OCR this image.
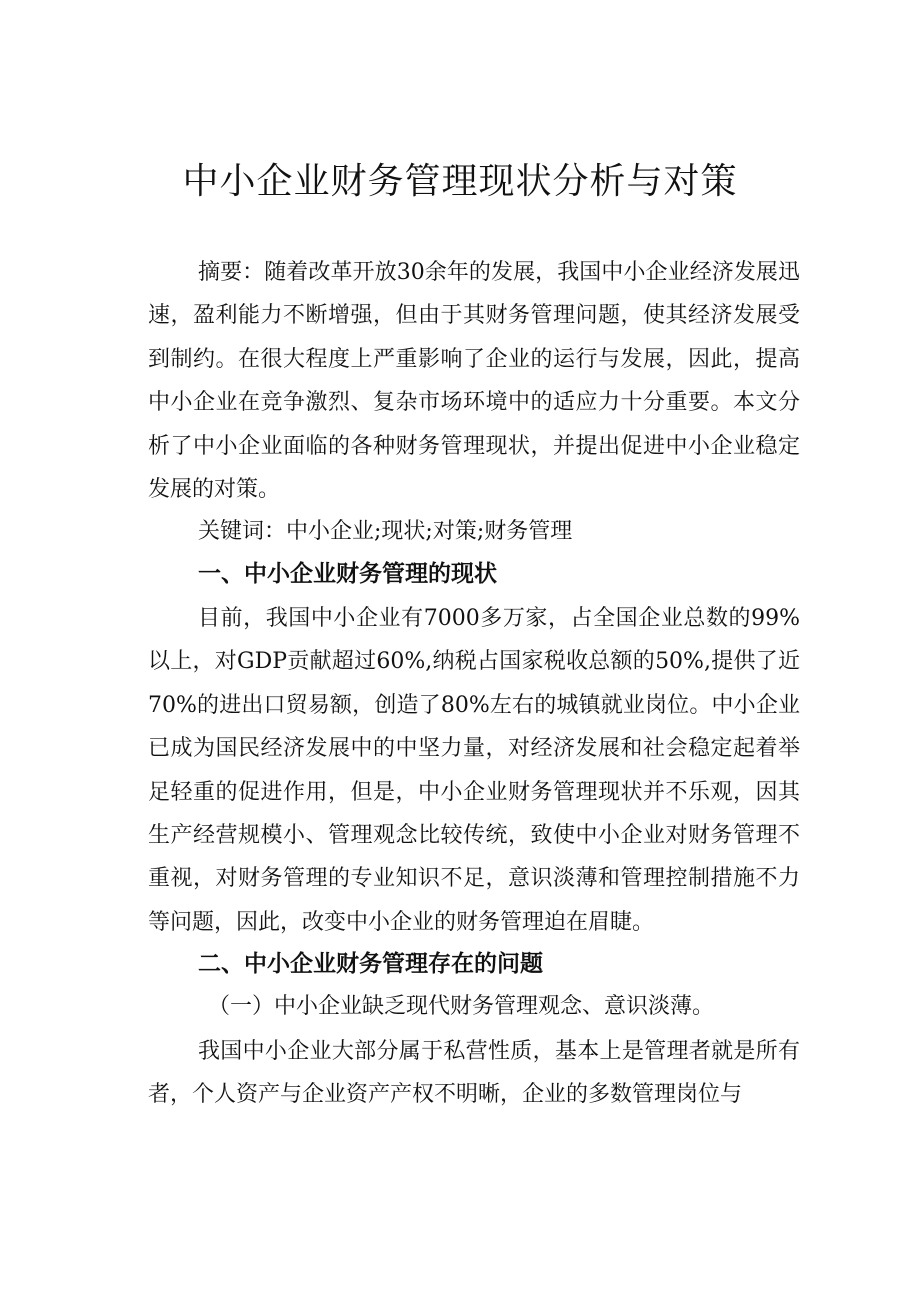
中小企业财务管理现状分析与对策

摘要：随着改革开放30余年的发展，我国中小企业经济发展迅速，盈利能力不断增强，但由于其财务管理问题，使其经济发展受到制约。在很大程度上严重影响了企业的运行与发展，因此，提高中小企业在竞争激烈、复杂市场环境中的适应力十分重要。本文分析了中小企业面临的各种财务管理现状，并提出促进中小企业稳定发展的对策。

关键词：中小企业;现状;对策;财务管理

一、中小企业财务管理的现状

目前，我国中小企业有7000多万家，占全国企业总数的99%以上，对GDP贡献超过60%,纳税占国家税收总额的50%,提供了近70%的进出口贸易额，创造了80%左右的城镇就业岗位。中小企业已成为国民经济发展中的中坚力量，对经济发展和社会稳定起着举足轻重的促进作用，但是，中小企业财务管理现状并不乐观，因其生产经营规模小、管理观念比较传统，致使中小企业对财务管理不重视，对财务管理的专业知识不足，意识淡薄和管理控制措施不力等问题，因此，改变中小企业的财务管理迫在眉睫。

二、中小企业财务管理存在的问题

（一）中小企业缺乏现代财务管理观念、意识淡薄。

我国中小企业大部分属于私营性质，基本上是管理者就是所有者，个人资产与企业资产产权不明晰，企业的多数管理岗位与
